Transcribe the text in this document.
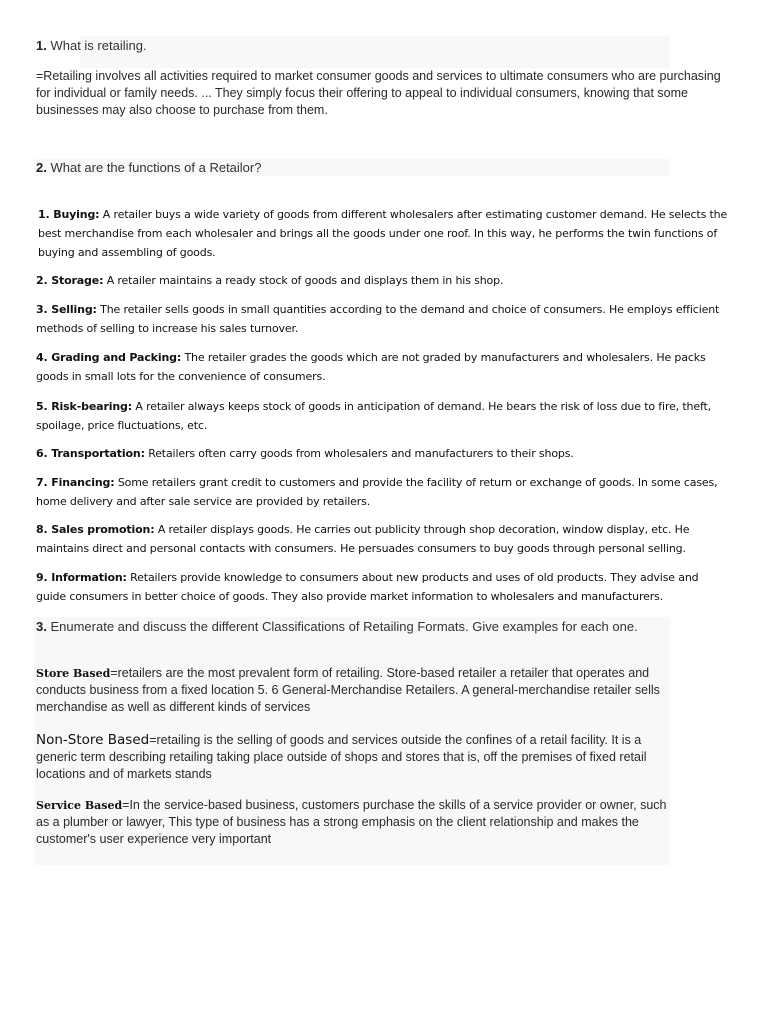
1. What is retailing.
=Retailing involves all activities required to market consumer goods and services to ultimate consumers who are purchasing for individual or family needs. ... They simply focus their offering to appeal to individual consumers, knowing that some businesses may also choose to purchase from them.
2. What are the functions of a Retailor?
1. Buying: A retailer buys a wide variety of goods from different wholesalers after estimating customer demand. He selects the best merchandise from each wholesaler and brings all the goods under one roof. In this way, he performs the twin functions of buying and assembling of goods.
2. Storage: A retailer maintains a ready stock of goods and displays them in his shop.
3. Selling: The retailer sells goods in small quantities according to the demand and choice of consumers. He employs efficient methods of selling to increase his sales turnover.
4. Grading and Packing: The retailer grades the goods which are not graded by manufacturers and wholesalers. He packs goods in small lots for the convenience of consumers.
5. Risk-bearing: A retailer always keeps stock of goods in anticipation of demand. He bears the risk of loss due to fire, theft, spoilage, price fluctuations, etc.
6. Transportation: Retailers often carry goods from wholesalers and manufacturers to their shops.
7. Financing: Some retailers grant credit to customers and provide the facility of return or exchange of goods. In some cases, home delivery and after sale service are provided by retailers.
8. Sales promotion: A retailer displays goods. He carries out publicity through shop decoration, window display, etc. He maintains direct and personal contacts with consumers. He persuades consumers to buy goods through personal selling.
9. Information: Retailers provide knowledge to consumers about new products and uses of old products. They advise and guide consumers in better choice of goods. They also provide market information to wholesalers and manufacturers.
3. Enumerate and discuss the different Classifications of Retailing Formats. Give examples for each one.
Store Based=retailers are the most prevalent form of retailing. Store-based retailer a retailer that operates and conducts business from a fixed location 5. 6 General-Merchandise Retailers. A general-merchandise retailer sells merchandise as well as different kinds of services
Non-Store Based=retailing is the selling of goods and services outside the confines of a retail facility. It is a generic term describing retailing taking place outside of shops and stores that is, off the premises of fixed retail locations and of markets stands
Service Based=In the service-based business, customers purchase the skills of a service provider or owner, such as a plumber or lawyer, This type of business has a strong emphasis on the client relationship and makes the customer's user experience very important
